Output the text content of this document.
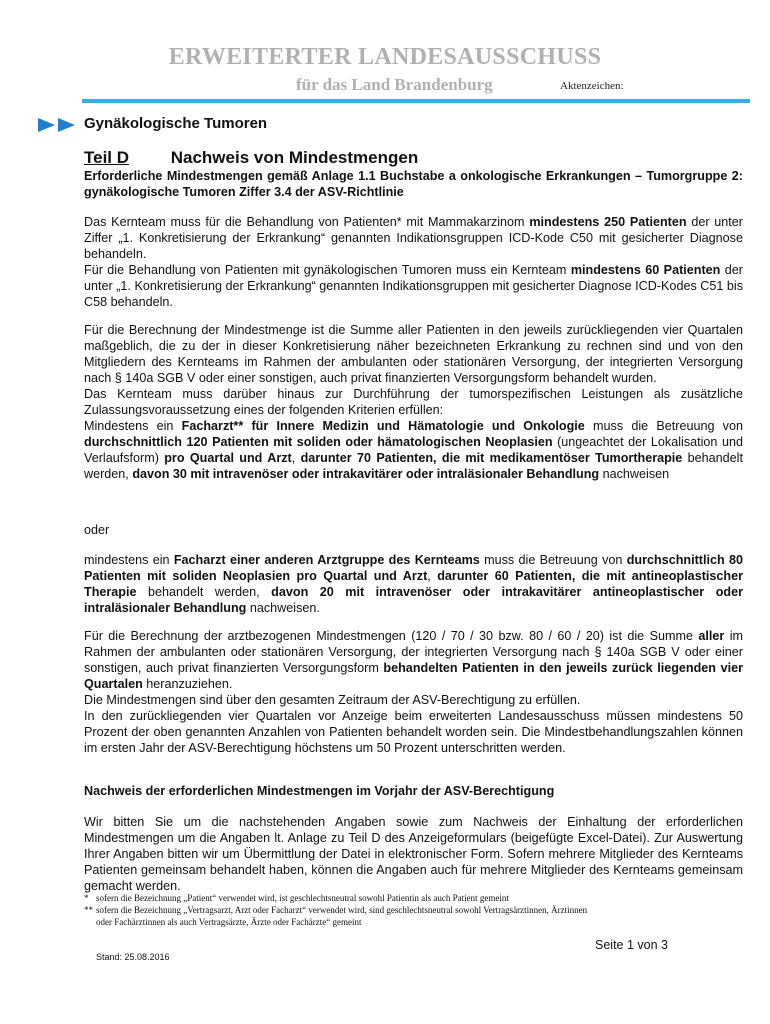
ERWEITERTER LANDESAUSSCHUSS
für das Land Brandenburg	Aktenzeichen:
Gynäkologische Tumoren
Teil D Nachweis von Mindestmengen

Erforderliche Mindestmengen gemäß Anlage 1.1 Buchstabe a onkologische Erkrankungen – Tumorgruppe 2: gynäkologische Tumoren Ziffer 3.4 der ASV-Richtlinie

Das Kernteam muss für die Behandlung von Patienten* mit Mammakarzinom mindestens 250 Patienten der unter Ziffer „1. Konkretisierung der Erkrankung“ genannten Indikationsgruppen ICD-Kode C50 mit gesicherter Diagnose behandeln.

Für die Behandlung von Patienten mit gynäkologischen Tumoren muss ein Kernteam mindestens 60 Patienten der unter „1. Konkretisierung der Erkrankung“ genannten Indikationsgruppen mit gesicherter Diagnose ICD-Kodes C51 bis C58 behandeln.

Für die Berechnung der Mindestmenge ist die Summe aller Patienten in den jeweils zurückliegenden vier Quartalen maßgeblich, die zu der in dieser Konkretisierung näher bezeichneten Erkrankung zu rechnen sind und von den Mitgliedern des Kernteams im Rahmen der ambulanten oder stationären Versorgung, der integrierten Versorgung nach § 140a SGB V oder einer sonstigen, auch privat finanzierten Versorgungsform behandelt wurden.

Das Kernteam muss darüber hinaus zur Durchführung der tumorspezifischen Leistungen als zusätzliche Zulassungsvoraussetzung eines der folgenden Kriterien erfüllen:

Mindestens ein Facharzt** für Innere Medizin und Hämatologie und Onkologie muss die Betreuung von durchschnittlich 120 Patienten mit soliden oder hämatologischen Neoplasien (ungeachtet der Lokalisation und Verlaufsform) pro Quartal und Arzt, darunter 70 Patienten, die mit medikamentöser Tumortherapie behandelt werden, davon 30 mit intravenöser oder intrakavitärer oder intraläsionaler Behandlung nachweisen

oder

mindestens ein Facharzt einer anderen Arztgruppe des Kernteams muss die Betreuung von durchschnittlich 80 Patienten mit soliden Neoplasien pro Quartal und Arzt, darunter 60 Patienten, die mit antineoplastischer Therapie behandelt werden, davon 20 mit intravenöser oder intrakavitärer antineoplastischer oder intraläsionaler Behandlung nachweisen.

Für die Berechnung der arztbezogenen Mindestmengen (120 / 70 / 30 bzw. 80 / 60 / 20) ist die Summe aller im Rahmen der ambulanten oder stationären Versorgung, der integrierten Versorgung nach § 140a SGB V oder einer sonstigen, auch privat finanzierten Versorgungsform behandelten Patienten in den jeweils zurück liegenden vier Quartalen heranzuziehen.

Die Mindestmengen sind über den gesamten Zeitraum der ASV-Berechtigung zu erfüllen.

In den zurückliegenden vier Quartalen vor Anzeige beim erweiterten Landesausschuss müssen mindestens 50 Prozent der oben genannten Anzahlen von Patienten behandelt worden sein. Die Mindestbehandlungszahlen können im ersten Jahr der ASV-Berechtigung höchstens um 50 Prozent unterschritten werden.

Nachweis der erforderlichen Mindestmengen im Vorjahr der ASV-Berechtigung

Wir bitten Sie um die nachstehenden Angaben sowie zum Nachweis der Einhaltung der erforderlichen Mindestmengen um die Angaben lt. Anlage zu Teil D des Anzeigeformulars (beigefügte Excel-Datei). Zur Auswertung Ihrer Angaben bitten wir um Übermittlung der Datei in elektronischer Form. Sofern mehrere Mitglieder des Kernteams Patienten gemeinsam behandelt haben, können die Angaben auch für mehrere Mitglieder des Kernteams gemeinsam gemacht werden.

* sofern die Bezeichnung „Patient“ verwendet wird, ist geschlechtsneutral sowohl Patientin als auch Patient gemeint
** sofern die Bezeichnung „Vertragsarzt, Arzt oder Facharzt“ verwendet wird, sind geschlechtsneutral sowohl Vertragsärztinnen, Ärztinnen
oder Fachärztinnen als auch Vertragsärzte, Ärzte oder Fachärzte“ gemeint
Seite 1 von 3
Stand: 25.08.2016
